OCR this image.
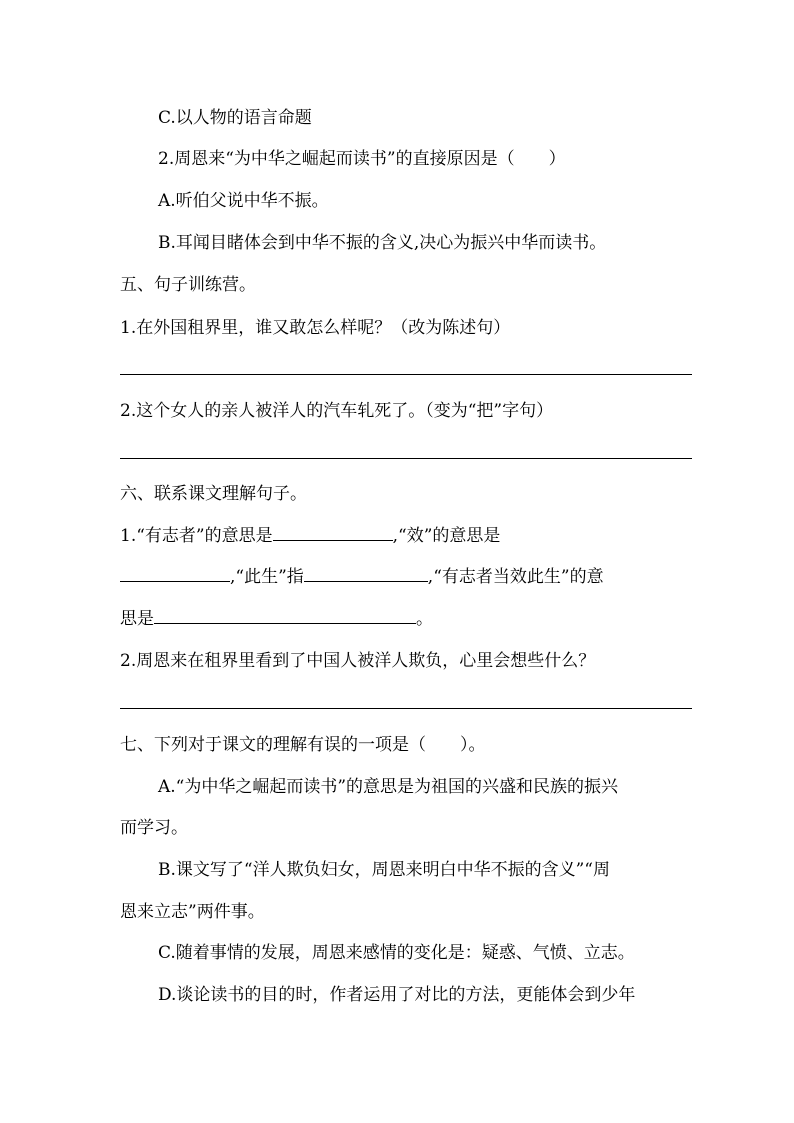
C.以人物的语言命题
2.周恩来“为中华之崛起而读书”的直接原因是（　　）
A.听伯父说中华不振。
B.耳闻目睹体会到中华不振的含义,决心为振兴中华而读书。
五、句子训练营。
1.在外国租界里，谁又敢怎么样呢？（改为陈述句）
2.这个女人的亲人被洋人的汽车轧死了。（变为“把”字句）
六、联系课文理解句子。
1.“有志者”的意思是	,“效”的意思是
,“此生”指	,“有志者当效此生”的意
思是	。
2.周恩来在租界里看到了中国人被洋人欺负，心里会想些什么？
七、下列对于课文的理解有误的一项是（　　）。
A.“为中华之崛起而读书”的意思是为祖国的兴盛和民族的振兴
而学习。
B.课文写了“洋人欺负妇女，周恩来明白中华不振的含义”“周
恩来立志”两件事。
C.随着事情的发展，周恩来感情的变化是：疑惑、气愤、立志。
D.谈论读书的目的时，作者运用了对比的方法，更能体会到少年
